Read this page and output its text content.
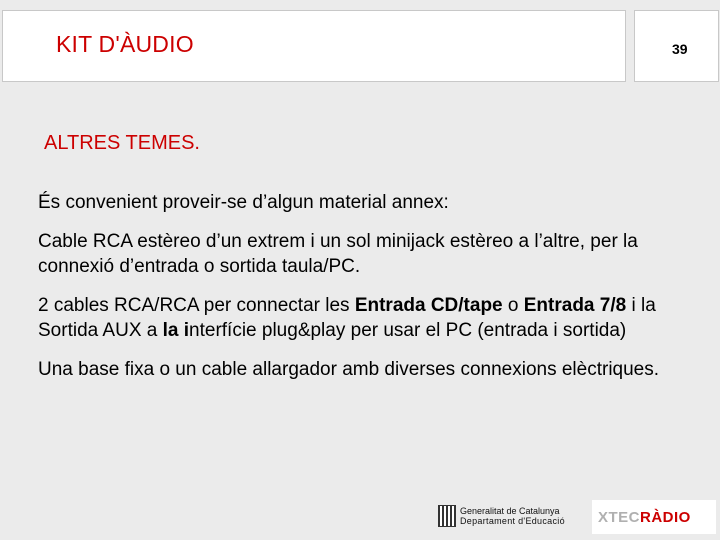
KIT D'ÀUDIO	39
ALTRES TEMES.

És convenient proveir-se d’algun material annex:

Cable RCA estèreo d’un extrem i un sol minijack estèreo a l’altre, per la connexió d’entrada o sortida taula/PC.

2 cables RCA/RCA per connectar les Entrada CD/tape o Entrada 7/8 i la Sortida AUX a la interfície plug&play per usar el PC (entrada i sortida)

Una base fixa o un cable allargador amb diverses connexions elèctriques.

Generalitat de Catalunya
Departament d'Educació XTECRÀDIO
